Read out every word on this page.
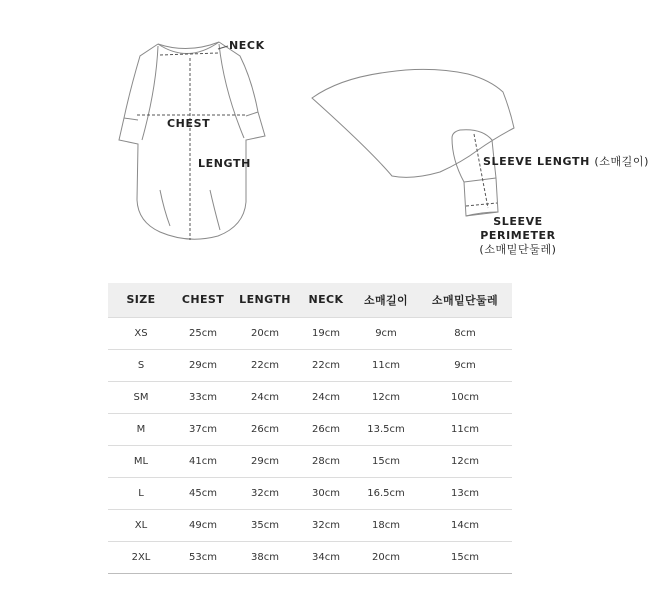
NECK
CHEST
LENGTH	SLEEVE LENGTH (소매길이)
SLEEVE
PERIMETER
(소매밑단둘레)
SIZE	CHEST	LENGTH	NECK	소매길이	소매밑단둘레
XS	25cm	20cm	19cm	9cm	8cm
S	29cm	22cm	22cm	11cm	9cm
SM	33cm	24cm	24cm	12cm	10cm
M	37cm	26cm	26cm	13.5cm	11cm
ML	41cm	29cm	28cm	15cm	12cm
L	45cm	32cm	30cm	16.5cm	13cm
XL	49cm	35cm	32cm	18cm	14cm
2XL	53cm	38cm	34cm	20cm	15cm
